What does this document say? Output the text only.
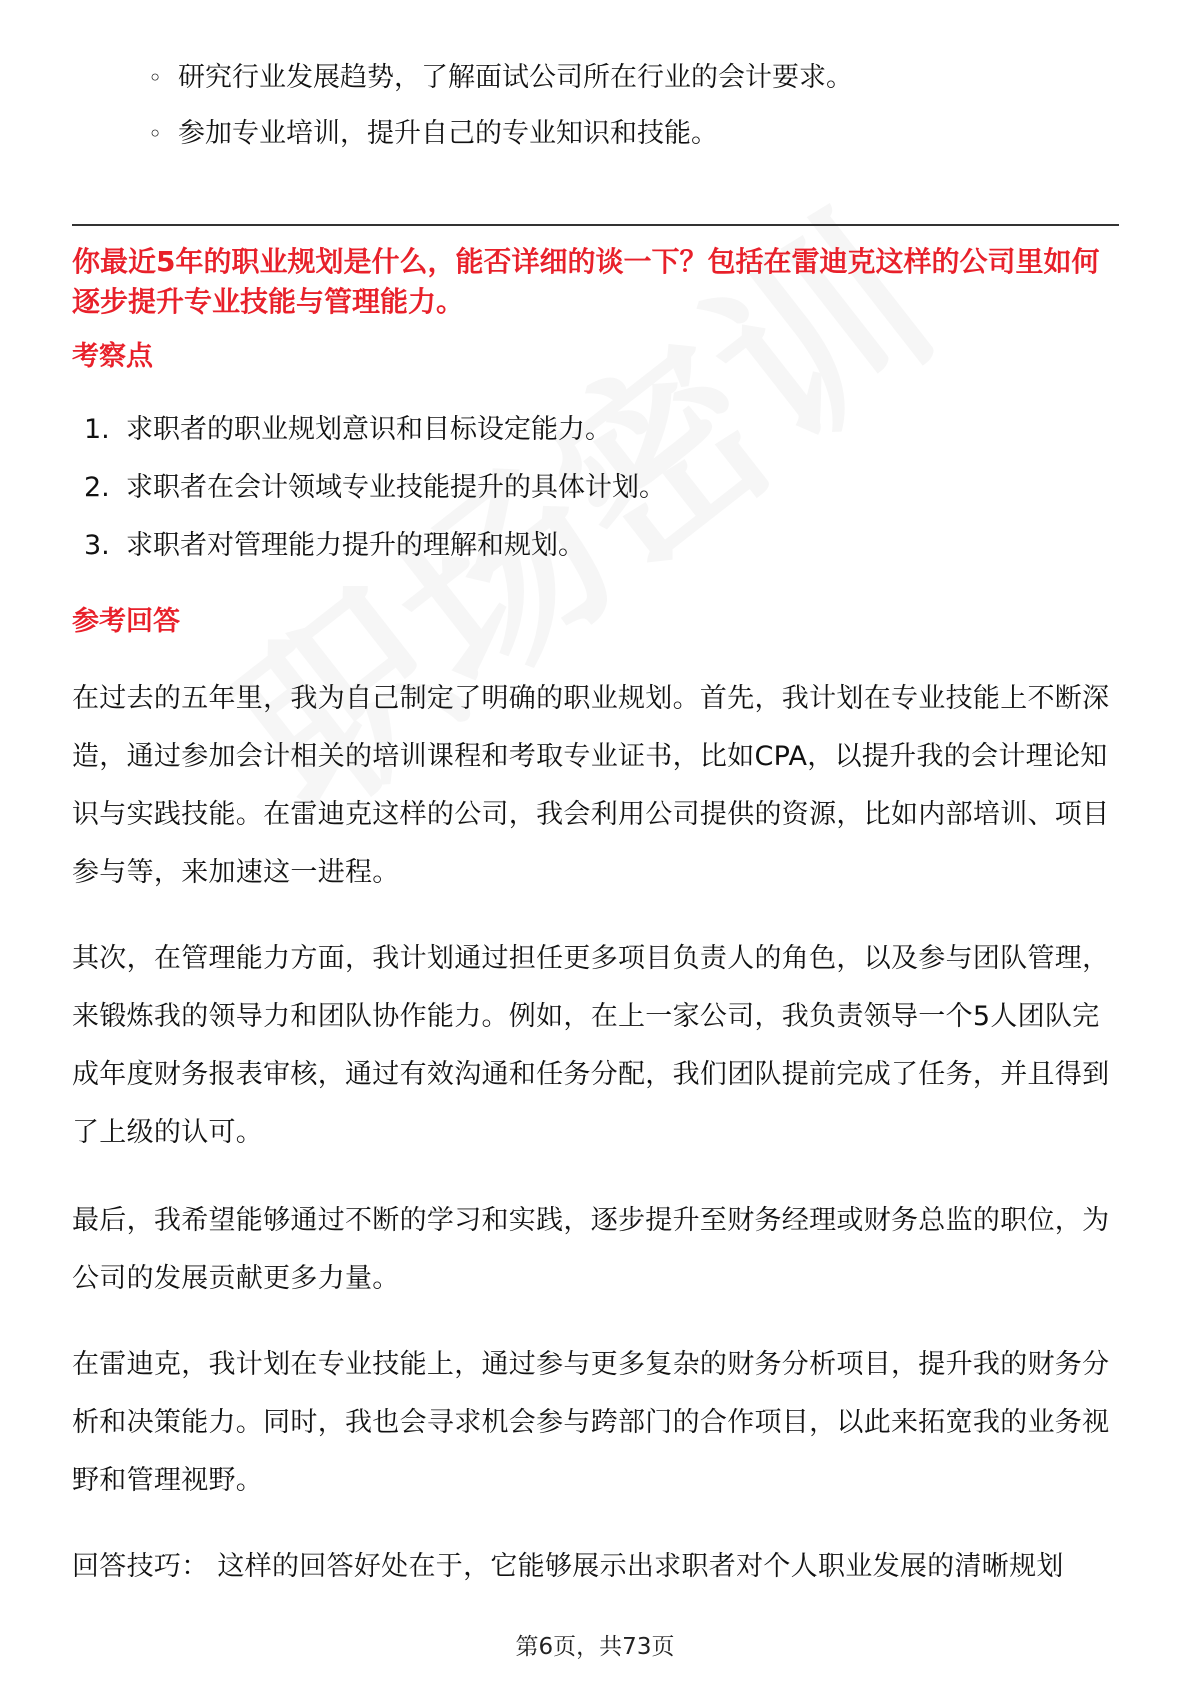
◦ 研究行业发展趋势，了解面试公司所在行业的会计要求。
◦ 参加专业培训，提升自己的专业知识和技能。

你最近5年的职业规划是什么，能否详细的谈一下？包括在雷迪克这样的公司里如何逐步提升专业技能与管理能力。

考察点
1. 求职者的职业规划意识和目标设定能力。
2. 求职者在会计领域专业技能提升的具体计划。
3. 求职者对管理能力提升的理解和规划。
参考回答

在过去的五年里，我为自己制定了明确的职业规划。首先，我计划在专业技能上不断深造，通过参加会计相关的培训课程和考取专业证书，比如CPA，以提升我的会计理论知识与实践技能。在雷迪克这样的公司，我会利用公司提供的资源，比如内部培训、项目参与等，来加速这一进程。

其次，在管理能力方面，我计划通过担任更多项目负责人的角色，以及参与团队管理，来锻炼我的领导力和团队协作能力。例如，在上一家公司，我负责领导一个5人团队完成年度财务报表审核，通过有效沟通和任务分配，我们团队提前完成了任务，并且得到了上级的认可。

最后，我希望能够通过不断的学习和实践，逐步提升至财务经理或财务总监的职位，为公司的发展贡献更多力量。

在雷迪克，我计划在专业技能上，通过参与更多复杂的财务分析项目，提升我的财务分析和决策能力。同时，我也会寻求机会参与跨部门的合作项目，以此来拓宽我的业务视野和管理视野。

回答技巧： 这样的回答好处在于，它能够展示出求职者对个人职业发展的清晰规划

第6页，共73页
